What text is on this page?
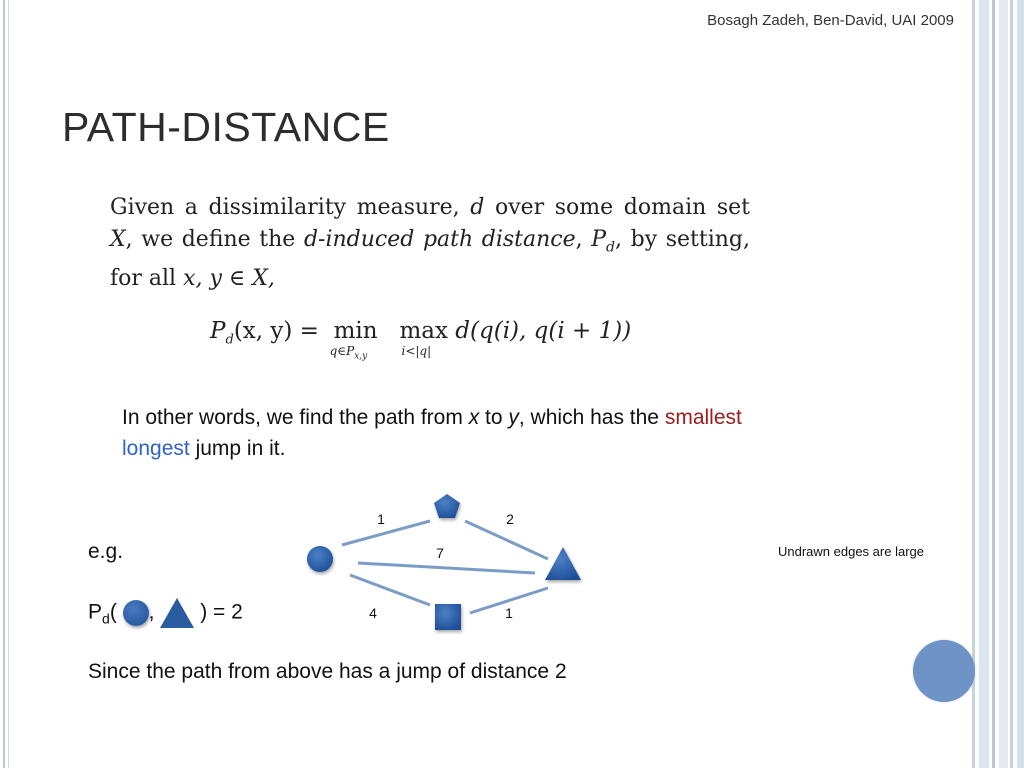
Bosagh Zadeh, Ben-David, UAI 2009
PATH-DISTANCE
Given a dissimilarity measure, d over some domain set X, we define the d-induced path distance, $P_d$, by setting, for all x, y ∈ X,
$P_d(x$, y) = min
$q\in P_{x,y}$
max
i<|q|
d(q(i), q(i + 1))
In other words, we find the path from x to y, which has the smallest longest jump in it.
e.g.
$P_d$( , ) = 2
Since the path from above has a jump of distance 2
Undrawn edges are large
1	2
7
4	1
